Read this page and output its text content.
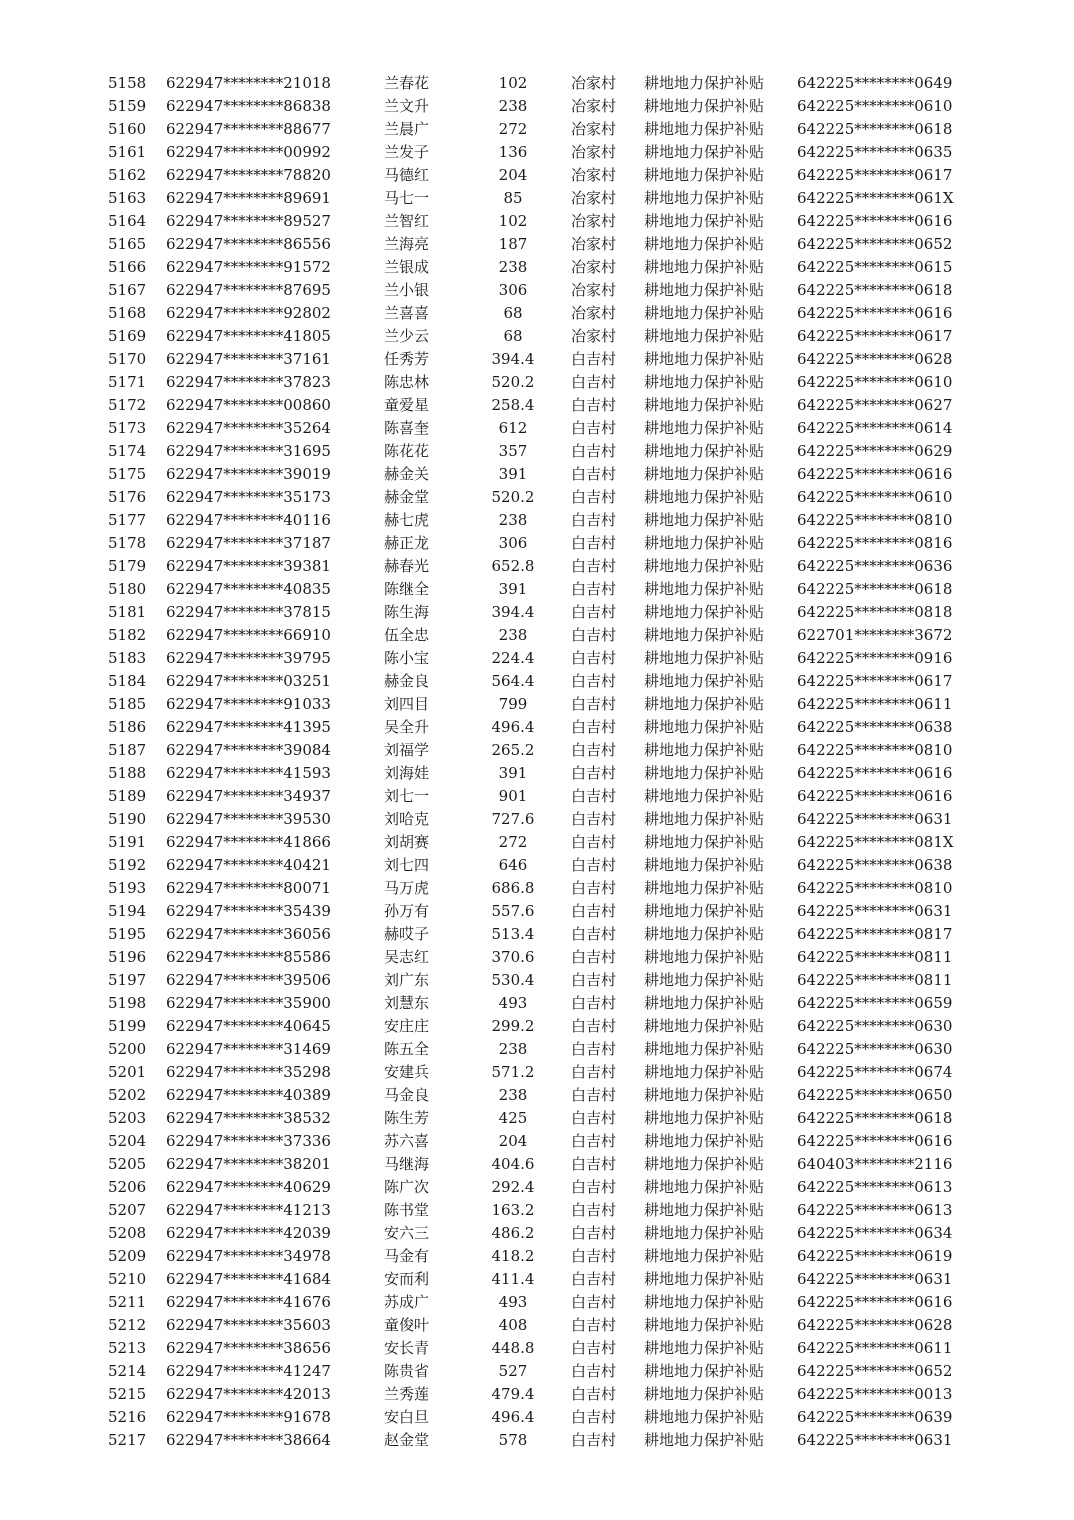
5158 622947********21018	兰春花	102	冶家村 耕地地力保护补贴 642225********0649
5159 622947********86838	兰文升	238	冶家村 耕地地力保护补贴 642225********0610
5160 622947********88677	兰晨广	272	冶家村 耕地地力保护补贴 642225********0618
5161 622947********00992	兰发子	136	冶家村 耕地地力保护补贴 642225********0635
5162 622947********78820	马德红	204	冶家村 耕地地力保护补贴 642225********0617
5163 622947********89691	马七一	85	冶家村 耕地地力保护补贴 642225********061X
5164 622947********89527	兰智红	102	冶家村 耕地地力保护补贴 642225********0616
5165 622947********86556	兰海亮	187	冶家村 耕地地力保护补贴 642225********0652
5166 622947********91572	兰银成	238	冶家村 耕地地力保护补贴 642225********0615
5167 622947********87695	兰小银	306	冶家村 耕地地力保护补贴 642225********0618
5168 622947********92802	兰喜喜	68	冶家村 耕地地力保护补贴 642225********0616
5169 622947********41805	兰少云	68	冶家村 耕地地力保护补贴 642225********0617
5170 622947********37161	任秀芳	394.4	白吉村 耕地地力保护补贴 642225********0628
5171 622947********37823	陈忠林	520.2	白吉村 耕地地力保护补贴 642225********0610
5172 622947********00860	童爱星	258.4	白吉村 耕地地力保护补贴 642225********0627
5173 622947********35264	陈喜奎	612	白吉村 耕地地力保护补贴 642225********0614
5174 622947********31695	陈花花	357	白吉村 耕地地力保护补贴 642225********0629
5175 622947********39019	赫金关	391	白吉村 耕地地力保护补贴 642225********0616
5176 622947********35173	赫金堂	520.2	白吉村 耕地地力保护补贴 642225********0610
5177 622947********40116	赫七虎	238	白吉村 耕地地力保护补贴 642225********0810
5178 622947********37187	赫正龙	306	白吉村 耕地地力保护补贴 642225********0816
5179 622947********39381	赫春光	652.8	白吉村 耕地地力保护补贴 642225********0636
5180 622947********40835	陈继全	391	白吉村 耕地地力保护补贴 642225********0618
5181 622947********37815	陈生海	394.4	白吉村 耕地地力保护补贴 642225********0818
5182 622947********66910	伍全忠	238	白吉村 耕地地力保护补贴 622701********3672
5183 622947********39795	陈小宝	224.4	白吉村 耕地地力保护补贴 642225********0916
5184 622947********03251	赫金良	564.4	白吉村 耕地地力保护补贴 642225********0617
5185 622947********91033	刘四目	799	白吉村 耕地地力保护补贴 642225********0611
5186 622947********41395	吴全升	496.4	白吉村 耕地地力保护补贴 642225********0638
5187 622947********39084	刘福学	265.2	白吉村 耕地地力保护补贴 642225********0810
5188 622947********41593	刘海娃	391	白吉村 耕地地力保护补贴 642225********0616
5189 622947********34937	刘七一	901	白吉村 耕地地力保护补贴 642225********0616
5190 622947********39530	刘哈克	727.6	白吉村 耕地地力保护补贴 642225********0631
5191 622947********41866	刘胡赛	272	白吉村 耕地地力保护补贴 642225********081X
5192 622947********40421	刘七四	646	白吉村 耕地地力保护补贴 642225********0638
5193 622947********80071	马万虎	686.8	白吉村 耕地地力保护补贴 642225********0810
5194 622947********35439	孙万有	557.6	白吉村 耕地地力保护补贴 642225********0631
5195 622947********36056	赫哎子	513.4	白吉村 耕地地力保护补贴 642225********0817
5196 622947********85586	吴志红	370.6	白吉村 耕地地力保护补贴 642225********0811
5197 622947********39506	刘广东	530.4	白吉村 耕地地力保护补贴 642225********0811
5198 622947********35900	刘慧东	493	白吉村 耕地地力保护补贴 642225********0659
5199 622947********40645	安庄庄	299.2	白吉村 耕地地力保护补贴 642225********0630
5200 622947********31469	陈五全	238	白吉村 耕地地力保护补贴 642225********0630
5201 622947********35298	安建兵	571.2	白吉村 耕地地力保护补贴 642225********0674
5202 622947********40389	马金良	238	白吉村 耕地地力保护补贴 642225********0650
5203 622947********38532	陈生芳	425	白吉村 耕地地力保护补贴 642225********0618
5204 622947********37336	苏六喜	204	白吉村 耕地地力保护补贴 642225********0616
5205 622947********38201	马继海	404.6	白吉村 耕地地力保护补贴 640403********2116
5206 622947********40629	陈广次	292.4	白吉村 耕地地力保护补贴 642225********0613
5207 622947********41213	陈书堂	163.2	白吉村 耕地地力保护补贴 642225********0613
5208 622947********42039	安六三	486.2	白吉村 耕地地力保护补贴 642225********0634
5209 622947********34978	马金有	418.2	白吉村 耕地地力保护补贴 642225********0619
5210 622947********41684	安而利	411.4	白吉村 耕地地力保护补贴 642225********0631
5211 622947********41676	苏成广	493	白吉村 耕地地力保护补贴 642225********0616
5212 622947********35603	童俊叶	408	白吉村 耕地地力保护补贴 642225********0628
5213 622947********38656	安长青	448.8	白吉村 耕地地力保护补贴 642225********0611
5214 622947********41247	陈贵省	527	白吉村 耕地地力保护补贴 642225********0652
5215 622947********42013	兰秀莲	479.4	白吉村 耕地地力保护补贴 642225********0013
5216 622947********91678	安白旦	496.4	白吉村 耕地地力保护补贴 642225********0639
5217 622947********38664	赵金堂	578	白吉村 耕地地力保护补贴 642225********0631
